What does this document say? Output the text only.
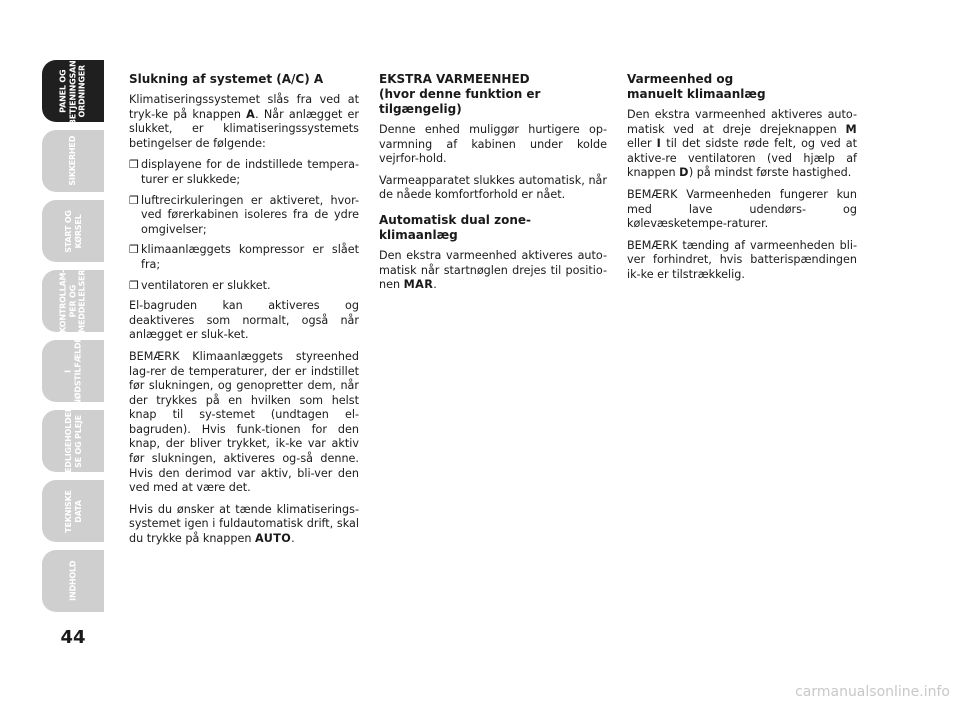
PANEL OG
BETJENINGSAN-
ORDNINGER
SIKKERHED
START OG
KØRSEL
KONTROLLAM-
PER OG
MEDDELELSER
I
NØDSTILFÆLDE
VEDLIGEHOLDEL-
SE OG PLEJE
TEKNISKE
DATA
INDHOLD
44
Slukning af systemet (A/C) A

Klimatiseringssystemet slås fra ved at tryk-ke på knappen A. Når anlægget er slukket, er klimatiseringssystemets betingelser de følgende:

❒ displayene for de indstillede tempera-turer er slukkede;
❒ luftrecirkuleringen er aktiveret, hvor-ved førerkabinen isoleres fra de ydre omgivelser;
❒ klimaanlæggets kompressor er slået fra;
❒ ventilatoren er slukket.

El-bagruden kan aktiveres og deaktiveres som normalt, også når anlægget er sluk-ket.

BEMÆRK Klimaanlæggets styreenhed lag-rer de temperaturer, der er indstillet før slukningen, og genopretter dem, når der trykkes på en hvilken som helst knap til sy-stemet (undtagen el-bagruden). Hvis funk-tionen for den knap, der bliver trykket, ik-ke var aktiv før slukningen, aktiveres og-så denne. Hvis den derimod var aktiv, bli-ver den ved med at være det.

Hvis du ønsker at tænde klimatiserings-systemet igen i fuldautomatisk drift, skal du trykke på knappen AUTO.

EKSTRA VARMEENHED
(hvor denne funktion er tilgængelig)

Denne enhed muliggør hurtigere op-varmning af kabinen under kolde vejrfor-hold.

Varmeapparatet slukkes automatisk, når de nåede komfortforhold er nået.

Automatisk dual zone-klimaanlæg

Den ekstra varmeenhed aktiveres auto-matisk når startnøglen drejes til positio-nen MAR.

Varmeenhed og
manuelt klimaanlæg

Den ekstra varmeenhed aktiveres auto-matisk ved at dreje drejeknappen M eller I til det sidste røde felt, og ved at aktive-re ventilatoren (ved hjælp af knappen D) på mindst første hastighed.

BEMÆRK Varmeenheden fungerer kun med lave udendørs- og kølevæsketempe-raturer.

BEMÆRK tænding af varmeenheden bli-ver forhindret, hvis batterispændingen ik-ke er tilstrækkelig.

carmanualsonline.info
